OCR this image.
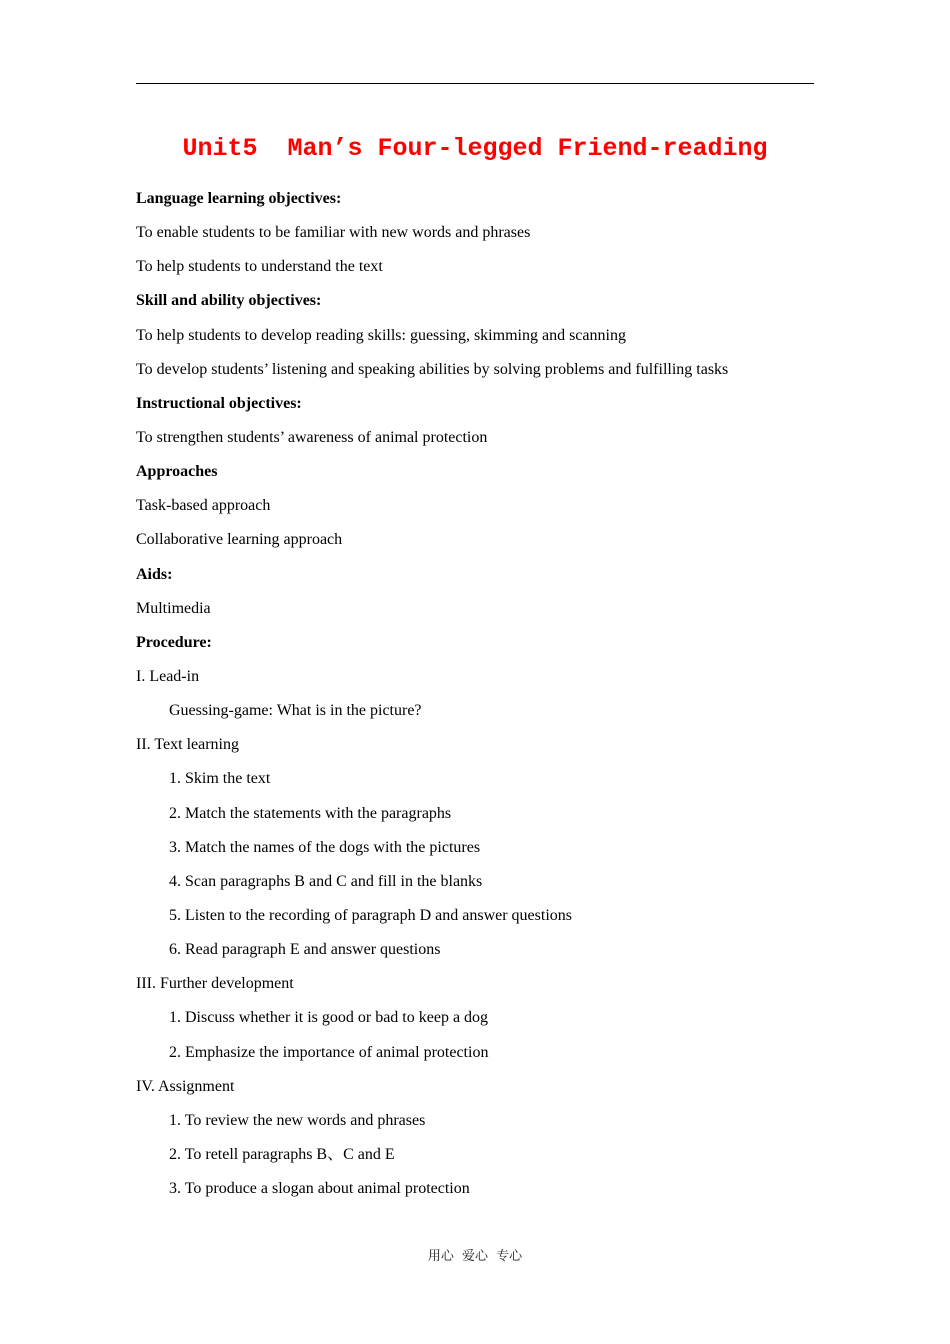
Unit5  Man’s Four-legged Friend-reading
Language learning objectives:
To enable students to be familiar with new words and phrases
To help students to understand the text
Skill and ability objectives:
To help students to develop reading skills: guessing, skimming and scanning
To develop students’ listening and speaking abilities by solving problems and fulfilling tasks
Instructional objectives:
To strengthen students’ awareness of animal protection
Approaches
Task-based approach
Collaborative learning approach
Aids:
Multimedia
Procedure:
I. Lead-in
Guessing-game: What is in the picture?
II. Text learning
1. Skim the text
2. Match the statements with the paragraphs
3. Match the names of the dogs with the pictures
4. Scan paragraphs B and C and fill in the blanks
5. Listen to the recording of paragraph D and answer questions
6. Read paragraph E and answer questions
III. Further development
1. Discuss whether it is good or bad to keep a dog
2. Emphasize the importance of animal protection
IV. Assignment
1. To review the new words and phrases
2. To retell paragraphs B、C and E
3. To produce a slogan about animal protection
用心 爱心 专心
